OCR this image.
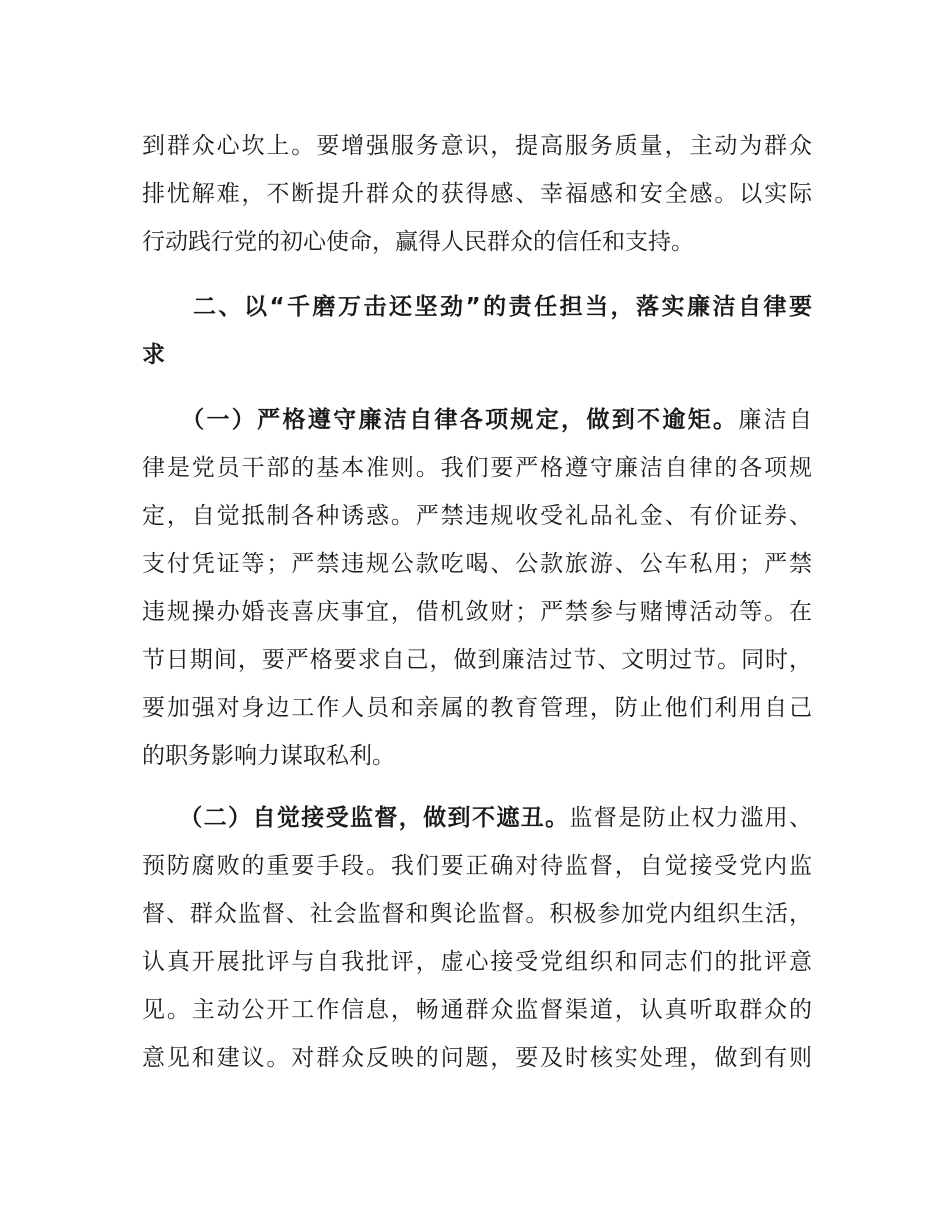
到群众心坎上。要增强服务意识，提高服务质量，主动为群众
排忧解难，不断提升群众的获得感、幸福感和安全感。以实际
行动践行党的初心使命，赢得人民群众的信任和支持。
　　二、以“千磨万击还坚劲”的责任担当，落实廉洁自律要
求
　　（一）严格遵守廉洁自律各项规定，做到不逾矩。廉洁自
律是党员干部的基本准则。我们要严格遵守廉洁自律的各项规
定，自觉抵制各种诱惑。严禁违规收受礼品礼金、有价证券、
支付凭证等；严禁违规公款吃喝、公款旅游、公车私用；严禁
违规操办婚丧喜庆事宜，借机敛财；严禁参与赌博活动等。在
节日期间，要严格要求自己，做到廉洁过节、文明过节。同时，
要加强对身边工作人员和亲属的教育管理，防止他们利用自己
的职务影响力谋取私利。
　　（二）自觉接受监督，做到不遮丑。监督是防止权力滥用、
预防腐败的重要手段。我们要正确对待监督，自觉接受党内监
督、群众监督、社会监督和舆论监督。积极参加党内组织生活，
认真开展批评与自我批评，虚心接受党组织和同志们的批评意
见。主动公开工作信息，畅通群众监督渠道，认真听取群众的
意见和建议。对群众反映的问题，要及时核实处理，做到有则
